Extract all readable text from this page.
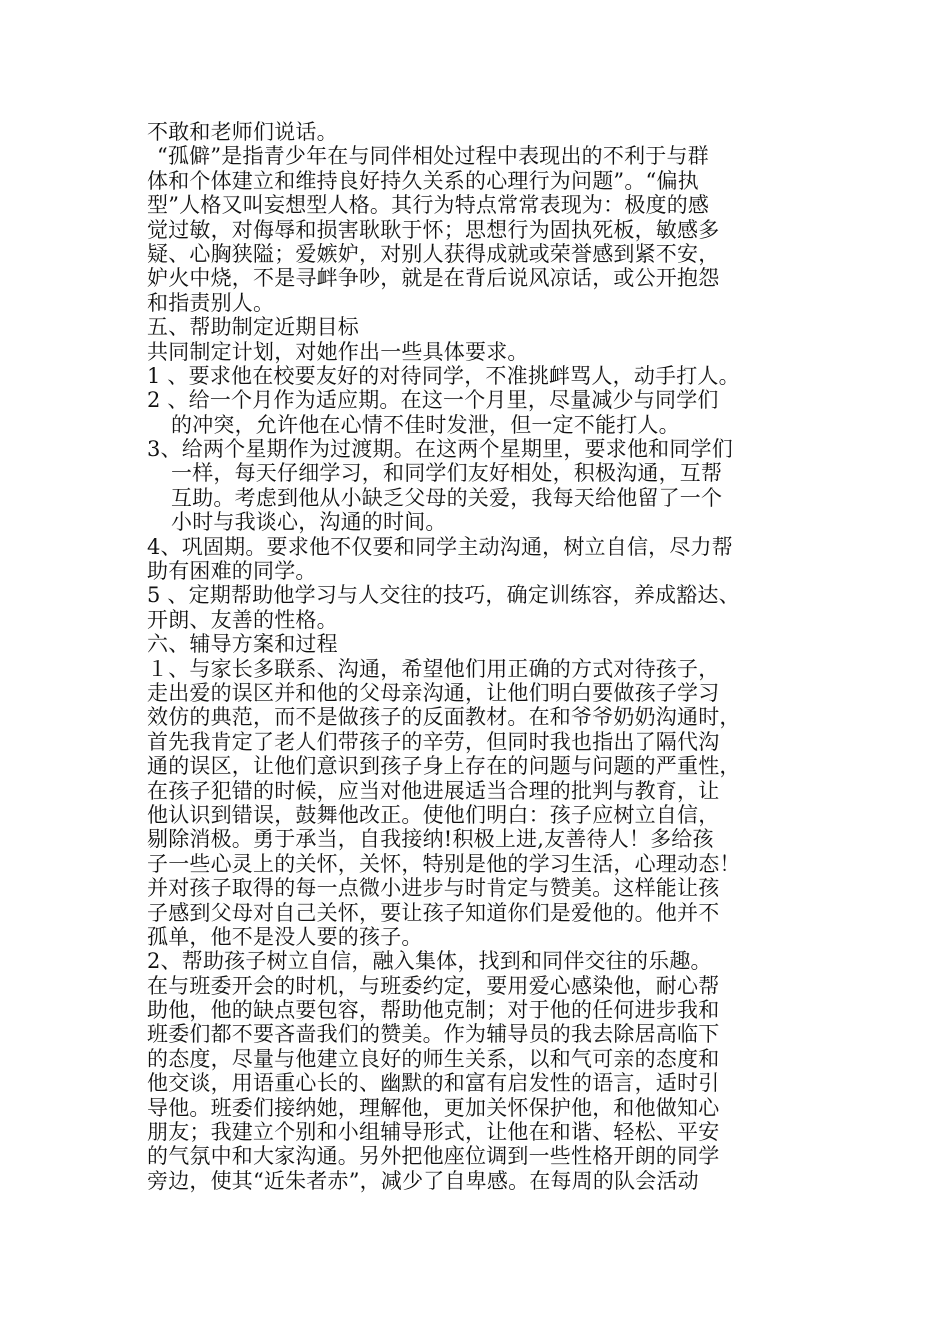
不敢和老师们说话。
“孤僻”是指青少年在与同伴相处过程中表现出的不利于与群
体和个体建立和维持良好持久关系的心理行为问题”。“偏执
型”人格又叫妄想型人格。其行为特点常常表现为：极度的感
觉过敏，对侮辱和损害耿耿于怀；思想行为固执死板，敏感多
疑、心胸狭隘；爱嫉妒，对别人获得成就或荣誉感到紧不安，
妒火中烧，不是寻衅争吵，就是在背后说风凉话，或公开抱怨
和指责别人。
五、帮助制定近期目标
共同制定计划，对她作出一些具体要求。
1 、要求他在校要友好的对待同学，不准挑衅骂人，动手打人。
2 、给一个月作为适应期。在这一个月里，尽量减少与同学们
的冲突，允许他在心情不佳时发泄，但一定不能打人。
3、给两个星期作为过渡期。在这两个星期里，要求他和同学们
一样，每天仔细学习，和同学们友好相处，积极沟通，互帮
互助。考虑到他从小缺乏父母的关爱，我每天给他留了一个
小时与我谈心，沟通的时间。
4、巩固期。要求他不仅要和同学主动沟通，树立自信，尽力帮
助有困难的同学。
5 、定期帮助他学习与人交往的技巧，确定训练容，养成豁达、
开朗、友善的性格。
六、辅导方案和过程
１、与家长多联系、沟通，希望他们用正确的方式对待孩子，
走出爱的误区并和他的父母亲沟通，让他们明白要做孩子学习
效仿的典范，而不是做孩子的反面教材。在和爷爷奶奶沟通时，
首先我肯定了老人们带孩子的辛劳，但同时我也指出了隔代沟
通的误区，让他们意识到孩子身上存在的问题与问题的严重性，
在孩子犯错的时候，应当对他进展适当合理的批判与教育，让
他认识到错误，鼓舞他改正。使他们明白：孩子应树立自信，
剔除消极。勇于承当，自我接纳!积极上进,友善待人！多给孩
子一些心灵上的关怀，关怀，特别是他的学习生活，心理动态！
并对孩子取得的每一点微小进步与时肯定与赞美。这样能让孩
子感到父母对自己关怀，要让孩子知道你们是爱他的。他并不
孤单，他不是没人要的孩子。
2、帮助孩子树立自信，融入集体，找到和同伴交往的乐趣。
在与班委开会的时机，与班委约定，要用爱心感染他，耐心帮
助他，他的缺点要包容，帮助他克制；对于他的任何进步我和
班委们都不要吝啬我们的赞美。作为辅导员的我去除居高临下
的态度，尽量与他建立良好的师生关系，以和气可亲的态度和
他交谈，用语重心长的、幽默的和富有启发性的语言，适时引
导他。班委们接纳她，理解他，更加关怀保护他，和他做知心
朋友；我建立个别和小组辅导形式，让他在和谐、轻松、平安
的气氛中和大家沟通。另外把他座位调到一些性格开朗的同学
旁边，使其“近朱者赤”，减少了自卑感。在每周的队会活动
